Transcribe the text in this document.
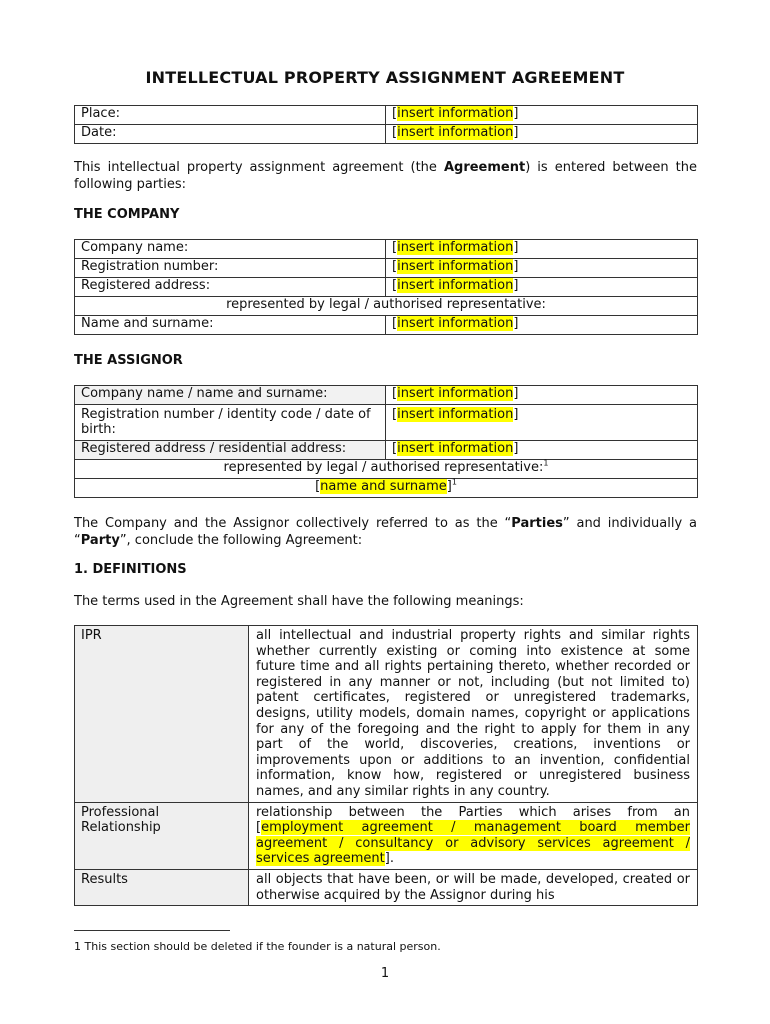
INTELLECTUAL PROPERTY ASSIGNMENT AGREEMENT
Place:	[insert information]
Date:	[insert information]
This intellectual property assignment agreement (the Agreement) is entered between the following parties:
THE COMPANY
Company name:	[insert information]
Registration number:	[insert information]
Registered address:	[insert information]
represented by legal / authorised representative:	
Name and surname:	[insert information]
THE ASSIGNOR
Company name / name and surname:	[insert information]
Registration number / identity code / date of birth:	[insert information]
Registered address / residential address:	[insert information]
represented by legal / authorised representative:$^1$
[name and surname]$^1$
The Company and the Assignor collectively referred to as the “Parties” and individually a “Party”, conclude the following Agreement:
1. DEFINITIONS
The terms used in the Agreement shall have the following meanings:
IPR	all intellectual and industrial property rights and similar rights whether currently existing or coming into existence at some future time and all rights pertaining thereto, whether recorded or registered in any manner or not, including (but not limited to) patent certificates, registered or unregistered trademarks, designs, utility models, domain names, copyright or applications for any of the foregoing and the right to apply for them in any part of the world, discoveries, creations, inventions or improvements upon or additions to an invention, confidential information, know how, registered or unregistered business names, and any similar rights in any country.
Professional Relationship	relationship between the Parties which arises from an [employment agreement / management board member agreement / consultancy or advisory services agreement / services agreement].
Results	all objects that have been, or will be made, developed, created or otherwise acquired by the Assignor during his
1 This section should be deleted if the founder is a natural person.
1
